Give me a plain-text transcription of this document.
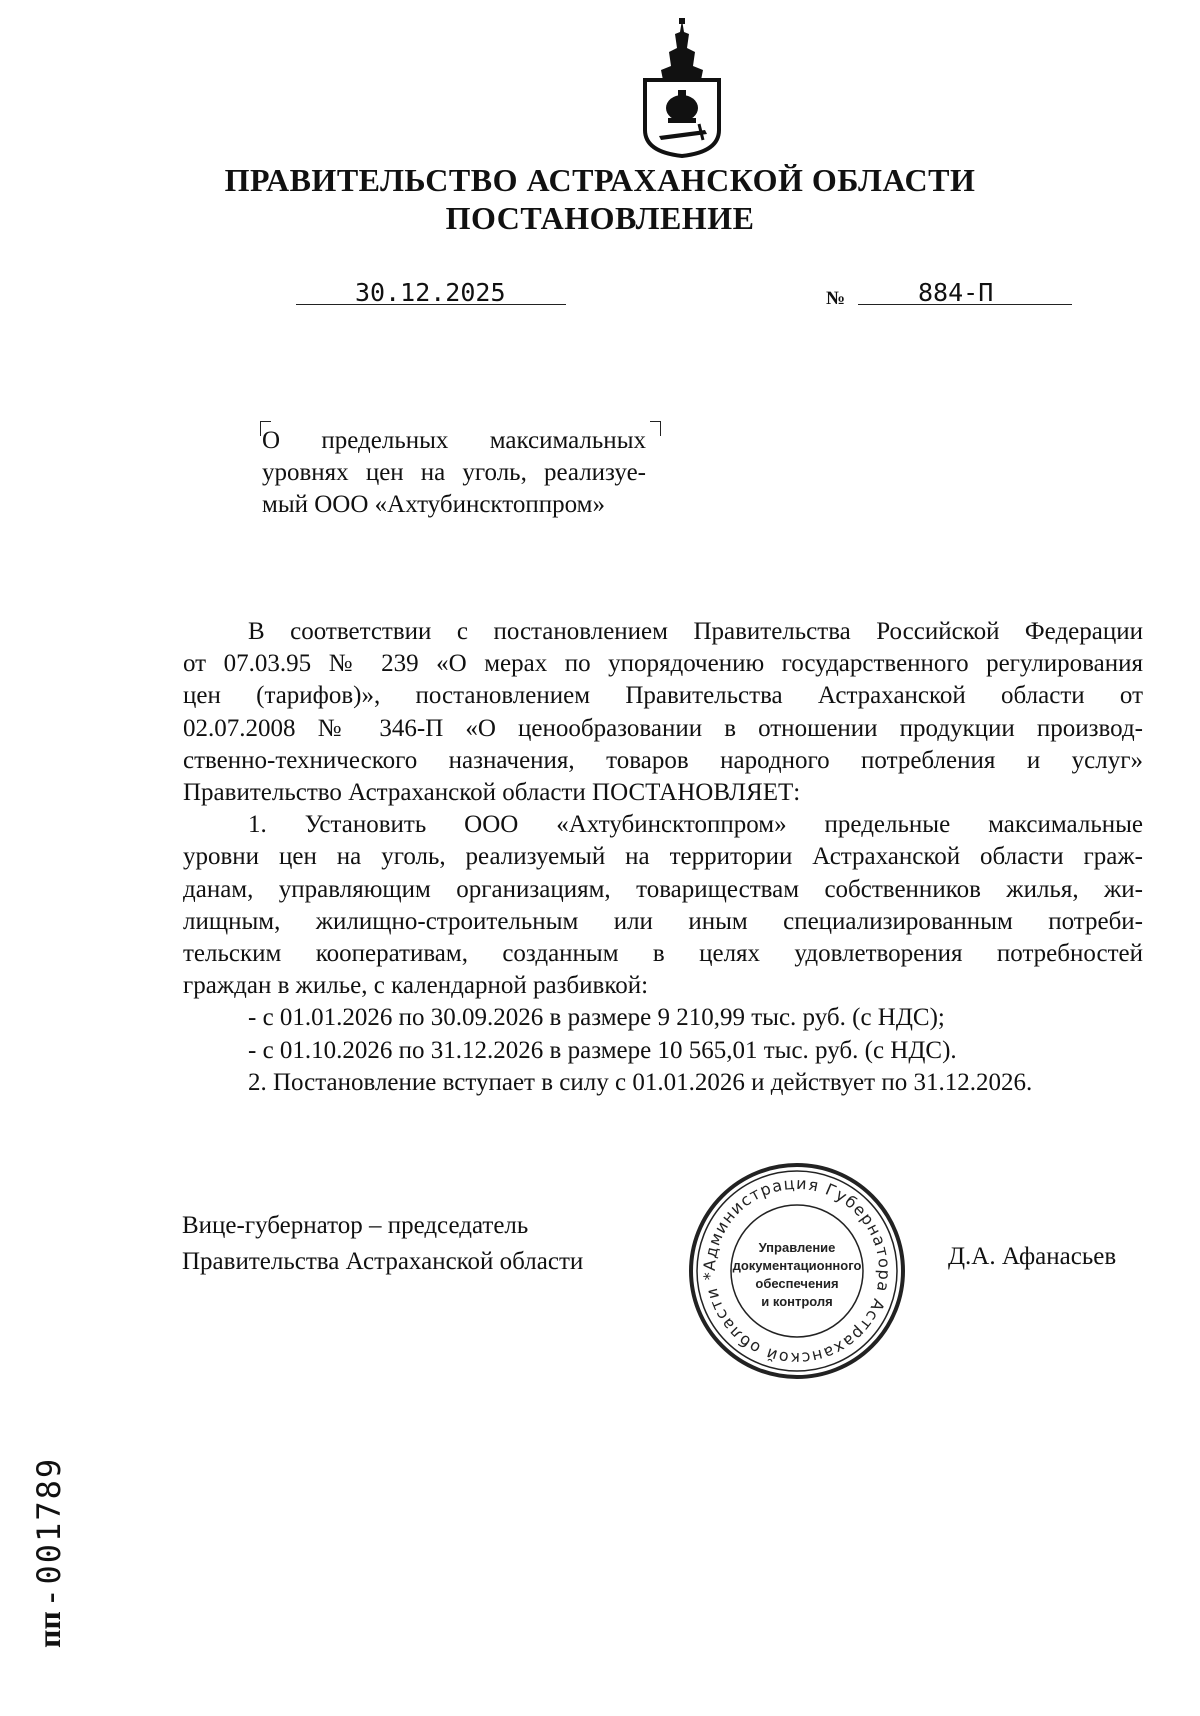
ПРАВИТЕЛЬСТВО АСТРАХАНСКОЙ ОБЛАСТИ
ПОСТАНОВЛЕНИЕ
30.12.2025	№	884-П
О предельных максимальных
уровнях цен на уголь, реализуе-
мый ООО «Ахтубинсктоппром»
В соответствии с постановлением Правительства Российской Федерации
от 07.03.95 № 239 «О мерах по упорядочению государственного регулирования
цен (тарифов)», постановлением Правительства Астраханской области от
02.07.2008 № 346-П «О ценообразовании в отношении продукции производ-
ственно-технического назначения, товаров народного потребления и услуг»
Правительство Астраханской области ПОСТАНОВЛЯЕТ:
1. Установить ООО «Ахтубинсктоппром» предельные максимальные
уровни цен на уголь, реализуемый на территории Астраханской области граж-
данам, управляющим организациям, товариществам собственников жилья, жи-
лищным, жилищно-строительным или иным специализированным потреби-
тельским кооперативам, созданным в целях удовлетворения потребностей
граждан в жилье, с календарной разбивкой:
- с 01.01.2026 по 30.09.2026 в размере 9 210,99 тыс. руб. (с НДС);
- с 01.10.2026 по 31.12.2026 в размере 10 565,01 тыс. руб. (с НДС).
2. Постановление вступает в силу с 01.01.2026 и действует по 31.12.2026.
Вице-губернатор – председатель
Правительства Астраханской области	Д.А. Афанасьев
Администрация Губернатора Астраханской области *
Управление
документационного
обеспечения
и контроля
пп - 001789
